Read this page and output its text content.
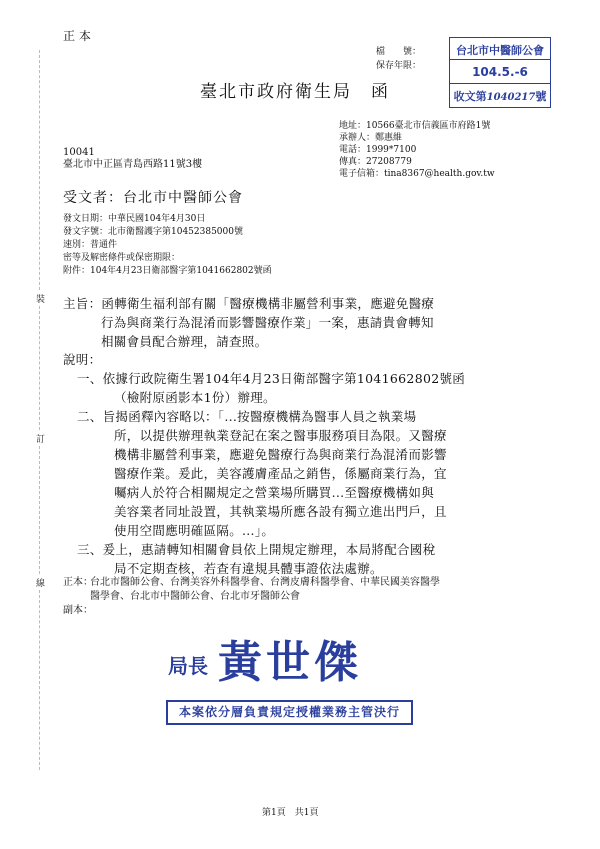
正 本
檔　　號：
保存年限：
台北市中醫師公會
104.5.-6
收文第1040217號
臺北市政府衛生局　函
地址：10566臺北市信義區市府路1號
承辦人：鄭惠維
電話：1999*7100
傳真：27208779
電子信箱：tina8367@health.gov.tw
10041
臺北市中正區青島西路11號3樓
受文者：台北市中醫師公會
發文日期：中華民國104年4月30日
發文字號：北市衛醫護字第10452385000號
速別：普通件
密等及解密條件或保密期限：
附件：104年4月23日衛部醫字第1041662802號函
主旨：函轉衛生福利部有關「醫療機構非屬營利事業，應避免醫療
行為與商業行為混淆而影響醫療作業」一案，惠請貴會轉知
相關會員配合辦理，請查照。
說明：
一、依據行政院衛生署104年4月23日衛部醫字第1041662802號函
（檢附原函影本1份）辦理。
二、旨揭函釋內容略以：「...按醫療機構為醫事人員之執業場
所，以提供辦理執業登記在案之醫事服務項目為限。又醫療
機構非屬營利事業，應避免醫療行為與商業行為混淆而影響
醫療作業。爰此，美容護膚產品之銷售，係屬商業行為，宜
囑病人於符合相關規定之營業場所購買...至醫療機構如與
美容業者同址設置，其執業場所應各設有獨立進出門戶，且
使用空間應明確區隔。...」。
三、爰上，惠請轉知相關會員依上開規定辦理，本局將配合國稅
局不定期查核，若查有違規具體事證依法處辦。
正本：
台北市醫師公會、台灣美容外科醫學會、台灣皮膚科醫學會、中華民國美容醫學
醫學會、台北市中醫師公會、台北市牙醫師公會
副本：
局長 黃世傑
本案依分層負責規定授權業務主管決行
裝
訂
線
第1頁　共1頁
